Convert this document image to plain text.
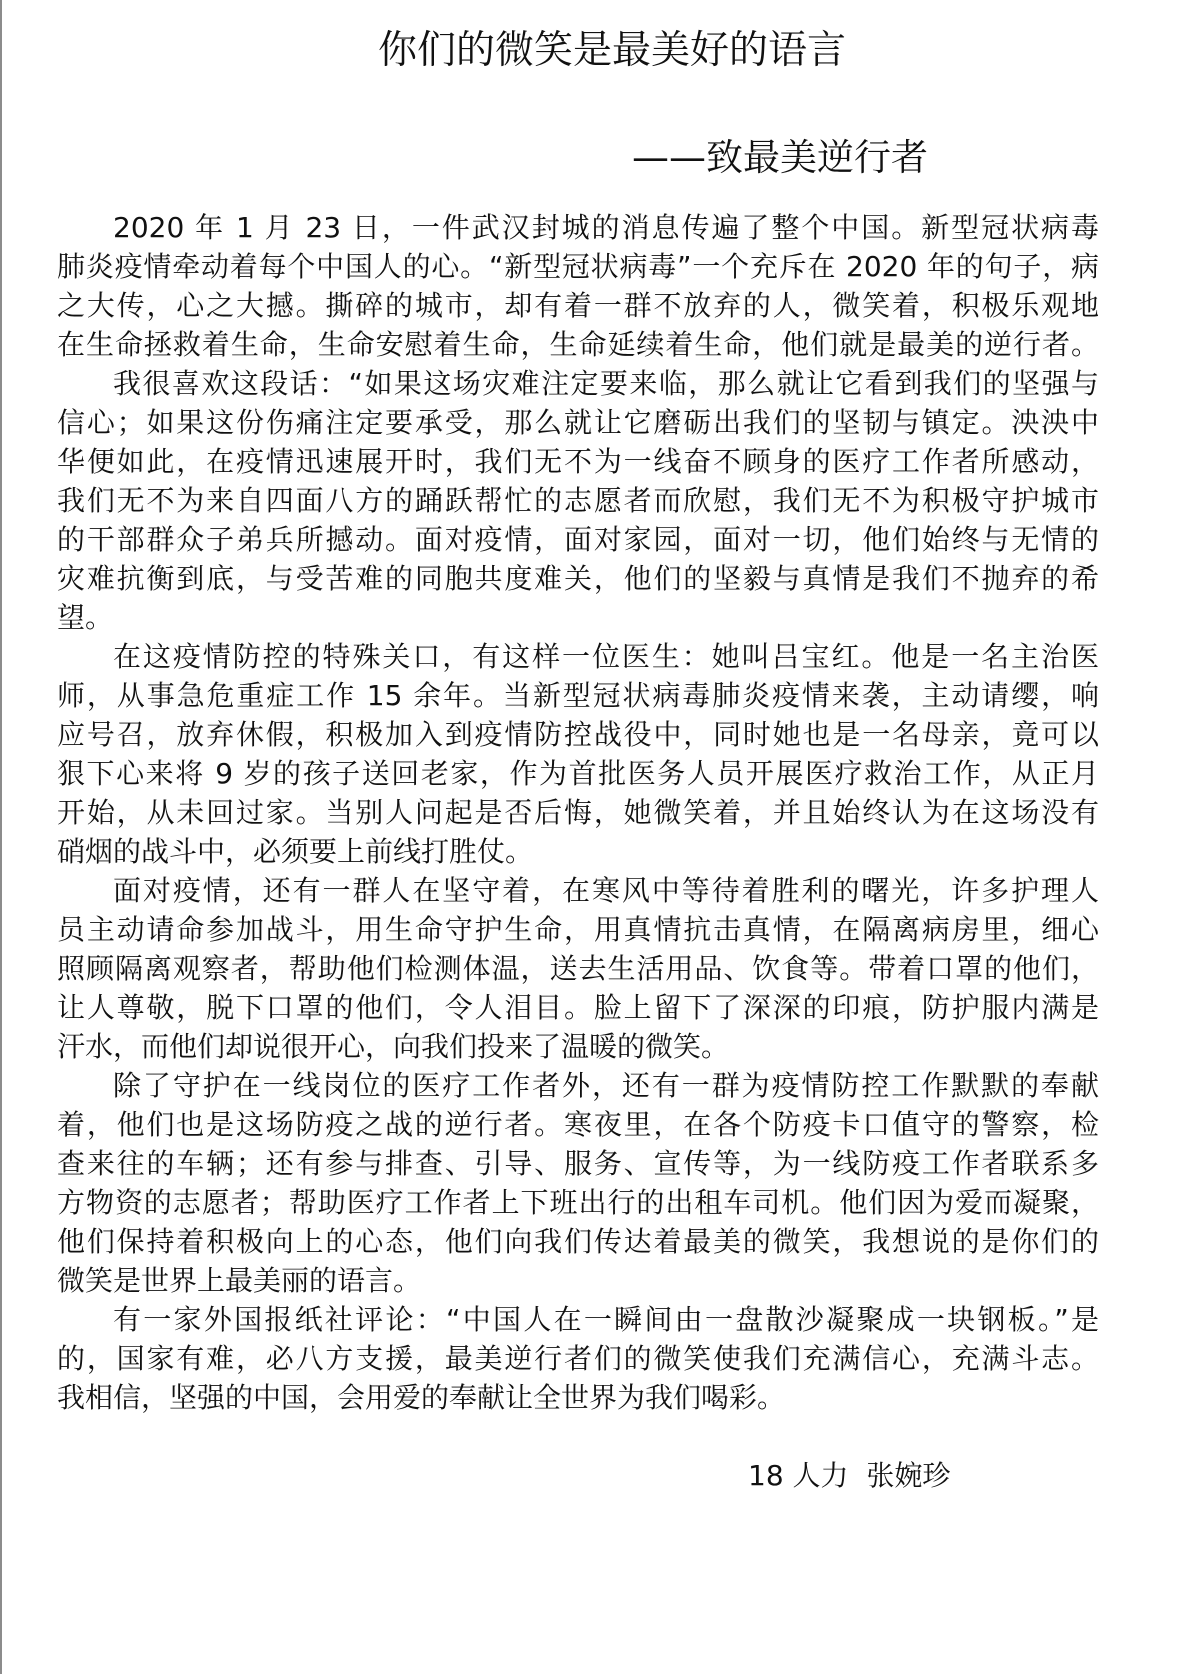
你们的微笑是最美好的语言
——致最美逆行者
2020 年 1 月 23 日，一件武汉封城的消息传遍了整个中国。新型冠状病毒
肺炎疫情牵动着每个中国人的心。“新型冠状病毒”一个充斥在 2020 年的句子，病
之大传，心之大撼。撕碎的城市，却有着一群不放弃的人，微笑着，积极乐观地
在生命拯救着生命，生命安慰着生命，生命延续着生命，他们就是最美的逆行者。
我很喜欢这段话：“如果这场灾难注定要来临，那么就让它看到我们的坚强与
信心；如果这份伤痛注定要承受，那么就让它磨砺出我们的坚韧与镇定。泱泱中
华便如此，在疫情迅速展开时，我们无不为一线奋不顾身的医疗工作者所感动，
我们无不为来自四面八方的踊跃帮忙的志愿者而欣慰，我们无不为积极守护城市
的干部群众子弟兵所撼动。面对疫情，面对家园，面对一切，他们始终与无情的
灾难抗衡到底，与受苦难的同胞共度难关，他们的坚毅与真情是我们不抛弃的希
望。
在这疫情防控的特殊关口，有这样一位医生：她叫吕宝红。他是一名主治医
师，从事急危重症工作 15 余年。当新型冠状病毒肺炎疫情来袭，主动请缨，响
应号召，放弃休假，积极加入到疫情防控战役中，同时她也是一名母亲，竟可以
狠下心来将 9 岁的孩子送回老家，作为首批医务人员开展医疗救治工作，从正月
开始，从未回过家。当别人问起是否后悔，她微笑着，并且始终认为在这场没有
硝烟的战斗中，必须要上前线打胜仗。
面对疫情，还有一群人在坚守着，在寒风中等待着胜利的曙光，许多护理人
员主动请命参加战斗，用生命守护生命，用真情抗击真情，在隔离病房里，细心
照顾隔离观察者，帮助他们检测体温，送去生活用品、饮食等。带着口罩的他们，
让人尊敬，脱下口罩的他们，令人泪目。脸上留下了深深的印痕，防护服内满是
汗水，而他们却说很开心，向我们投来了温暖的微笑。
除了守护在一线岗位的医疗工作者外，还有一群为疫情防控工作默默的奉献
着，他们也是这场防疫之战的逆行者。寒夜里，在各个防疫卡口值守的警察，检
查来往的车辆；还有参与排查、引导、服务、宣传等，为一线防疫工作者联系多
方物资的志愿者；帮助医疗工作者上下班出行的出租车司机。他们因为爱而凝聚，
他们保持着积极向上的心态，他们向我们传达着最美的微笑，我想说的是你们的
微笑是世界上最美丽的语言。
有一家外国报纸社评论：“中国人在一瞬间由一盘散沙凝聚成一块钢板。”是
的，国家有难，必八方支援，最美逆行者们的微笑使我们充满信心，充满斗志。
我相信，坚强的中国，会用爱的奉献让全世界为我们喝彩。
18 人力  张婉珍
